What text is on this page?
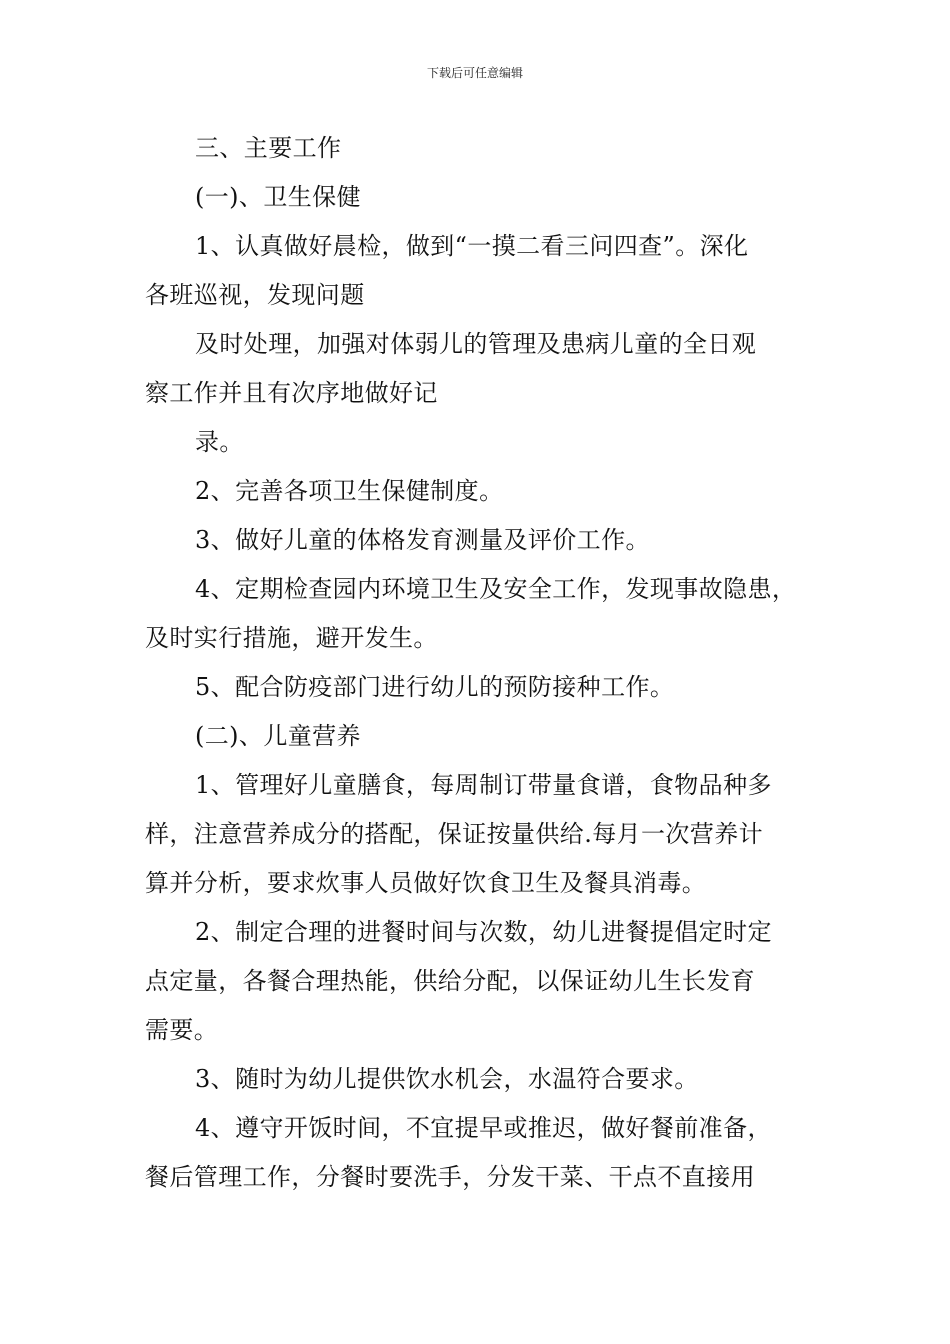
下载后可任意编辑
三、主要工作
(一)、卫生保健
1、认真做好晨检，做到“一摸二看三问四查”。深化
各班巡视，发现问题
及时处理，加强对体弱儿的管理及患病儿童的全日观
察工作并且有次序地做好记
录。
2、完善各项卫生保健制度。
3、做好儿童的体格发育测量及评价工作。
4、定期检查园内环境卫生及安全工作，发现事故隐患，
及时实行措施，避开发生。
5、配合防疫部门进行幼儿的预防接种工作。
(二)、儿童营养
1、管理好儿童膳食，每周制订带量食谱，食物品种多
样，注意营养成分的搭配，保证按量供给.每月一次营养计
算并分析，要求炊事人员做好饮食卫生及餐具消毒。
2、制定合理的进餐时间与次数，幼儿进餐提倡定时定
点定量，各餐合理热能，供给分配，以保证幼儿生长发育
需要。
3、随时为幼儿提供饮水机会，水温符合要求。
4、遵守开饭时间，不宜提早或推迟，做好餐前准备，
餐后管理工作，分餐时要洗手，分发干菜、干点不直接用
